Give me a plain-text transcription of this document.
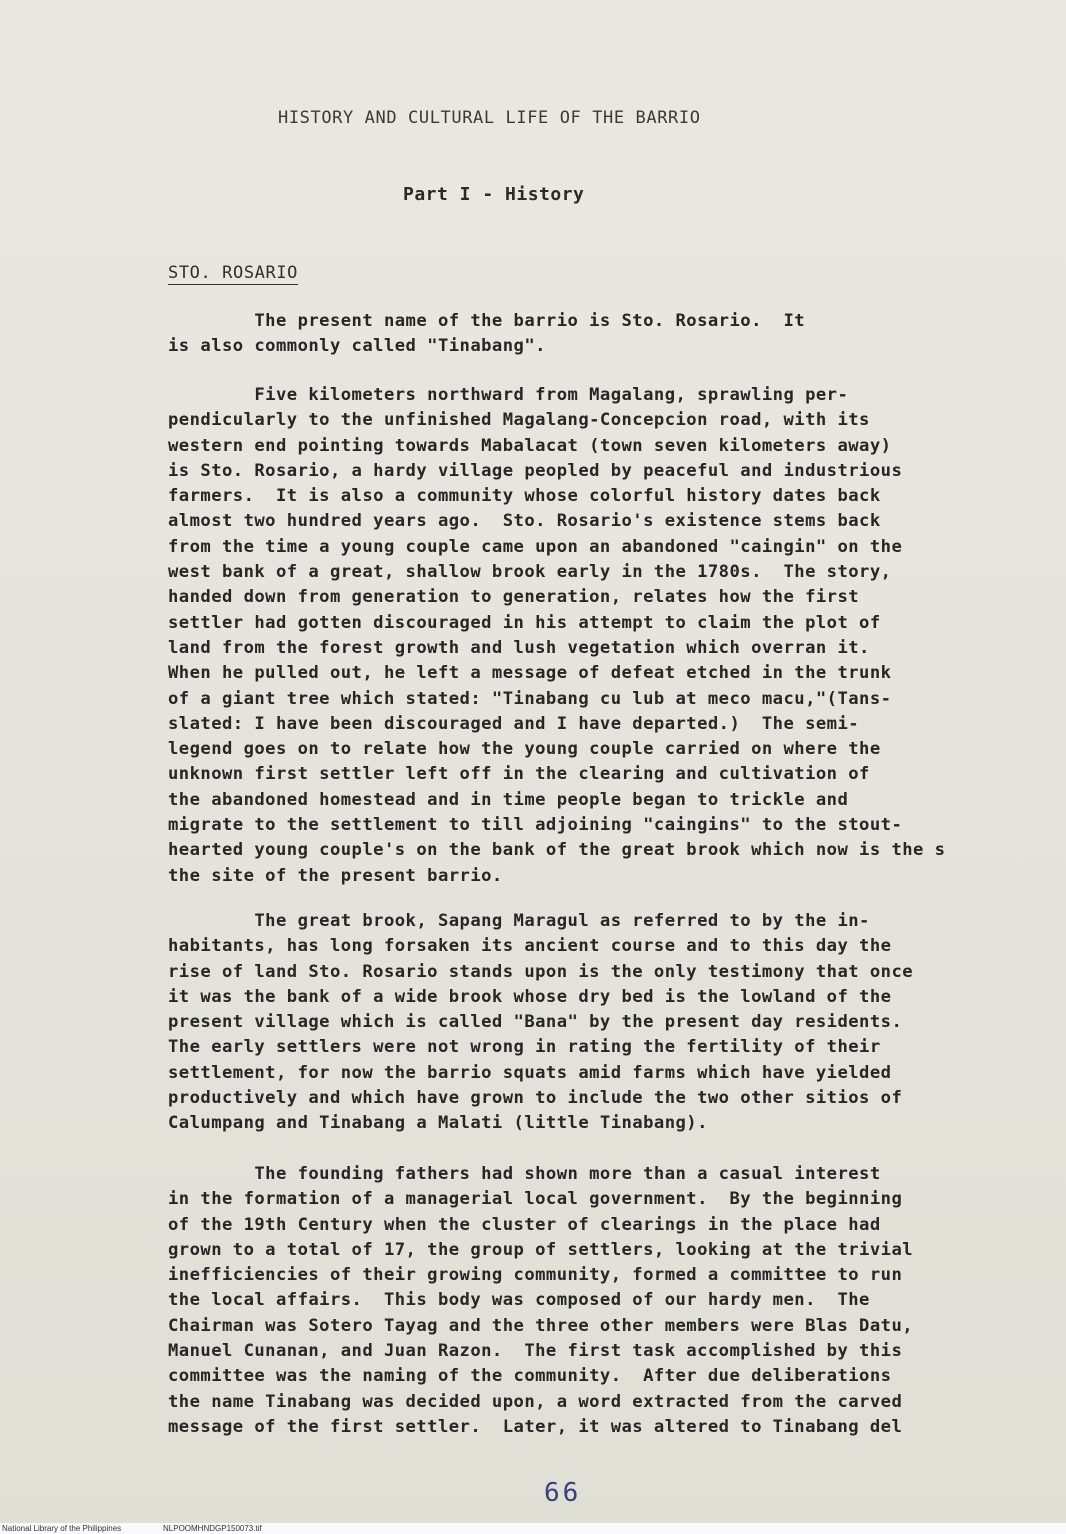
HISTORY AND CULTURAL LIFE OF THE BARRIO
Part I - History
STO. ROSARIO
The present name of the barrio is Sto. Rosario.  It
is also commonly called "Tinabang".
Five kilometers northward from Magalang, sprawling per-
pendicularly to the unfinished Magalang-Concepcion road, with its
western end pointing towards Mabalacat (town seven kilometers away)
is Sto. Rosario, a hardy village peopled by peaceful and industrious
farmers.  It is also a community whose colorful history dates back
almost two hundred years ago.  Sto. Rosario's existence stems back
from the time a young couple came upon an abandoned "caingin" on the
west bank of a great, shallow brook early in the 1780s.  The story,
handed down from generation to generation, relates how the first
settler had gotten discouraged in his attempt to claim the plot of
land from the forest growth and lush vegetation which overran it.
When he pulled out, he left a message of defeat etched in the trunk
of a giant tree which stated: "Tinabang cu lub at meco macu,"(Tans-
slated: I have been discouraged and I have departed.)  The semi-
legend goes on to relate how the young couple carried on where the
unknown first settler left off in the clearing and cultivation of
the abandoned homestead and in time people began to trickle and
migrate to the settlement to till adjoining "caingins" to the stout-
hearted young couple's on the bank of the great brook which now is the s
the site of the present barrio.
The great brook, Sapang Maragul as referred to by the in-
habitants, has long forsaken its ancient course and to this day the
rise of land Sto. Rosario stands upon is the only testimony that once
it was the bank of a wide brook whose dry bed is the lowland of the
present village which is called "Bana" by the present day residents.
The early settlers were not wrong in rating the fertility of their
settlement, for now the barrio squats amid farms which have yielded
productively and which have grown to include the two other sitios of
Calumpang and Tinabang a Malati (little Tinabang).
The founding fathers had shown more than a casual interest
in the formation of a managerial local government.  By the beginning
of the 19th Century when the cluster of clearings in the place had
grown to a total of 17, the group of settlers, looking at the trivial
inefficiencies of their growing community, formed a committee to run
the local affairs.  This body was composed of our hardy men.  The
Chairman was Sotero Tayag and the three other members were Blas Datu,
Manuel Cunanan, and Juan Razon.  The first task accomplished by this
committee was the naming of the community.  After due deliberations
the name Tinabang was decided upon, a word extracted from the carved
message of the first settler.  Later, it was altered to Tinabang del
66
National Library of the Philippines	NLPOOMHNDGP150073.tif
